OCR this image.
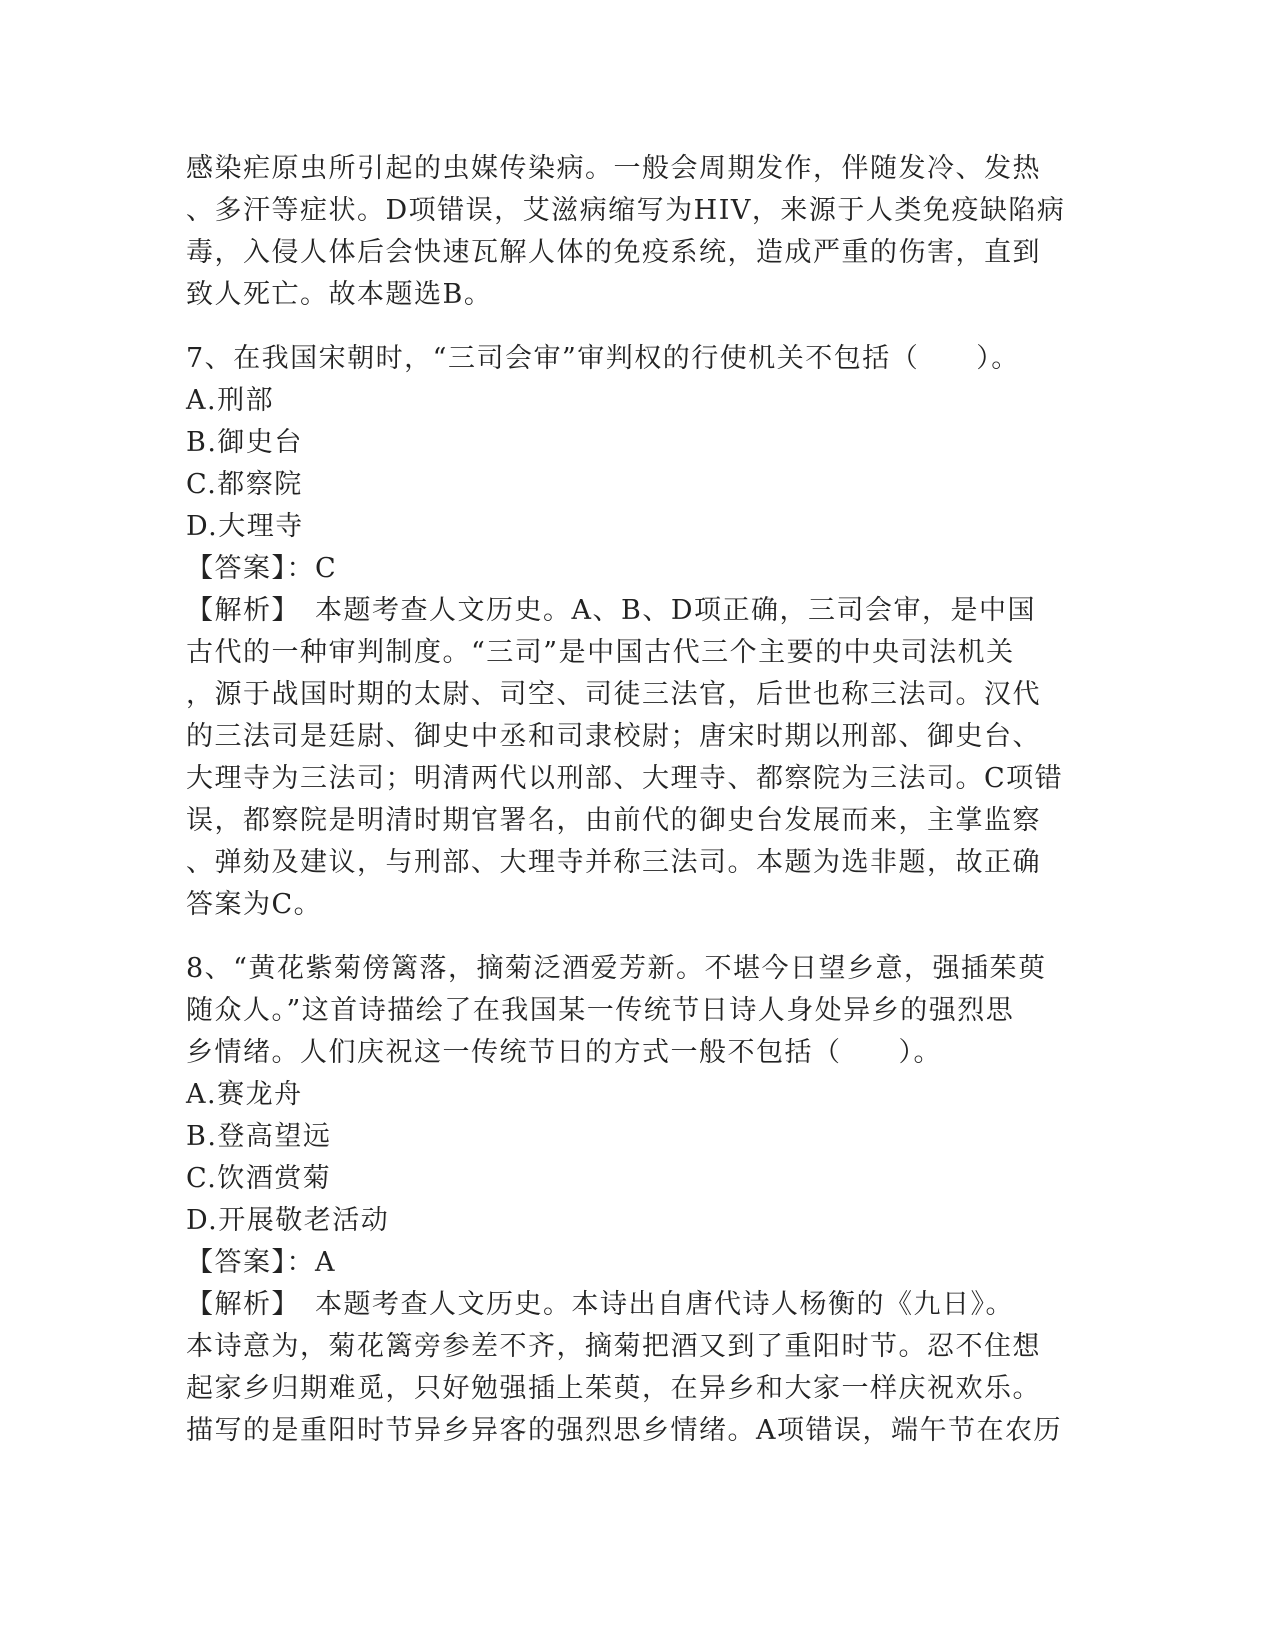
感染疟原虫所引起的虫媒传染病。一般会周期发作，伴随发冷、发热
、多汗等症状。D项错误，艾滋病缩写为HIV，来源于人类免疫缺陷病
毒，入侵人体后会快速瓦解人体的免疫系统，造成严重的伤害，直到
致人死亡。故本题选B。
7、在我国宋朝时，“三司会审”审判权的行使机关不包括（　　）。
A.刑部
B.御史台
C.都察院
D.大理寺
【答案】：C
【解析】　本题考查人文历史。A、B、D项正确，三司会审，是中国
古代的一种审判制度。“三司”是中国古代三个主要的中央司法机关
，源于战国时期的太尉、司空、司徒三法官，后世也称三法司。汉代
的三法司是廷尉、御史中丞和司隶校尉；唐宋时期以刑部、御史台、
大理寺为三法司；明清两代以刑部、大理寺、都察院为三法司。C项错
误，都察院是明清时期官署名，由前代的御史台发展而来，主掌监察
、弹劾及建议，与刑部、大理寺并称三法司。本题为选非题，故正确
答案为C。
8、“黄花紫菊傍篱落，摘菊泛酒爱芳新。不堪今日望乡意，强插茱萸
随众人。”这首诗描绘了在我国某一传统节日诗人身处异乡的强烈思
乡情绪。人们庆祝这一传统节日的方式一般不包括（　　）。
A.赛龙舟
B.登高望远
C.饮酒赏菊
D.开展敬老活动
【答案】：A
【解析】　本题考查人文历史。本诗出自唐代诗人杨衡的《九日》。
本诗意为，菊花篱旁参差不齐，摘菊把酒又到了重阳时节。忍不住想
起家乡归期难觅，只好勉强插上茱萸，在异乡和大家一样庆祝欢乐。
描写的是重阳时节异乡异客的强烈思乡情绪。A项错误，端午节在农历
